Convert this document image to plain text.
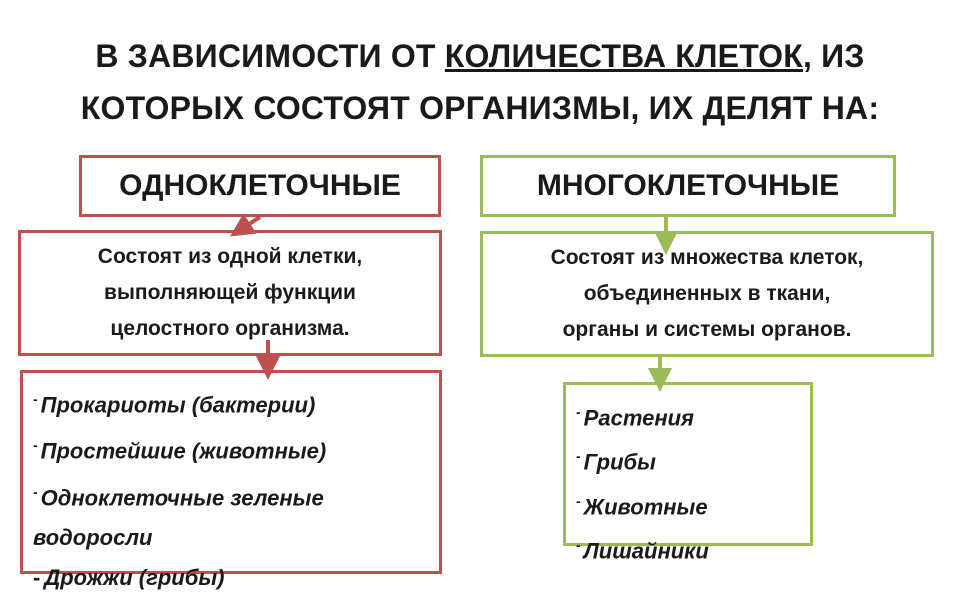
В ЗАВИСИМОСТИ ОТ КОЛИЧЕСТВА КЛЕТОК, ИЗ
КОТОРЫХ СОСТОЯТ ОРГАНИЗМЫ, ИХ ДЕЛЯТ НА:
ОДНОКЛЕТОЧНЫЕ
Состоят из одной клетки,
выполняющей функции
целостного организма.
- Прокариоты (бактерии)
- Простейшие (животные)
- Одноклеточные зеленые водоросли
- Дрожжи (грибы)
МНОГОКЛЕТОЧНЫЕ
Состоят из множества клеток,
объединенных в ткани,
органы и системы органов.
- Растения
- Грибы
- Животные
- Лишайники
